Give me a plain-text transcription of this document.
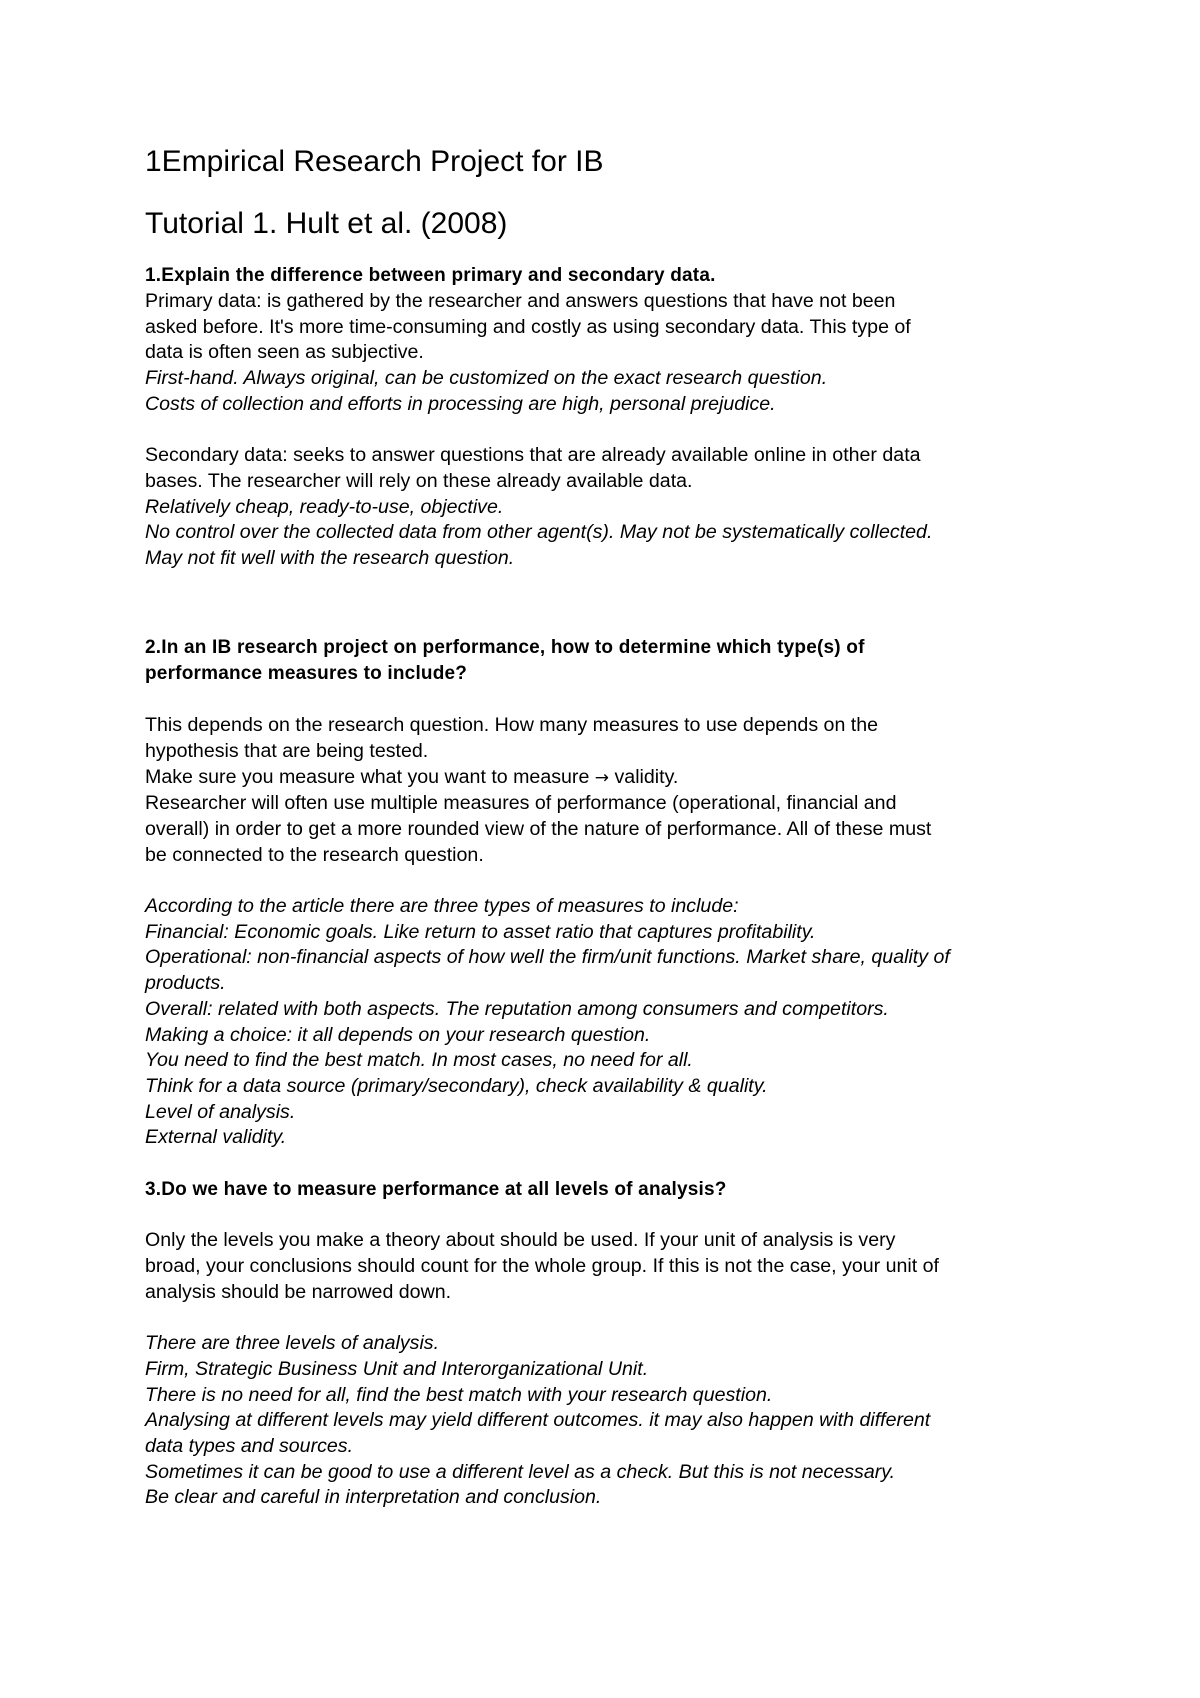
1Empirical Research Project for IB
Tutorial 1. Hult et al. (2008)
1.Explain the difference between primary and secondary data.
Primary data: is gathered by the researcher and answers questions that have not been
asked before. It's more time-consuming and costly as using secondary data. This type of
data is often seen as subjective.
First-hand. Always original, can be customized on the exact research question.
Costs of collection and efforts in processing are high, personal prejudice.
Secondary data: seeks to answer questions that are already available online in other data
bases. The researcher will rely on these already available data.
Relatively cheap, ready-to-use, objective.
No control over the collected data from other agent(s). May not be systematically collected.
May not fit well with the research question.
2.In an IB research project on performance, how to determine which type(s) of
performance measures to include?
This depends on the research question. How many measures to use depends on the
hypothesis that are being tested.
Make sure you measure what you want to measure → validity.
Researcher will often use multiple measures of performance (operational, financial and
overall) in order to get a more rounded view of the nature of performance. All of these must
be connected to the research question.
According to the article there are three types of measures to include:
Financial: Economic goals. Like return to asset ratio that captures profitability.
Operational: non-financial aspects of how well the firm/unit functions. Market share, quality of
products.
Overall: related with both aspects. The reputation among consumers and competitors.
Making a choice: it all depends on your research question.
You need to find the best match. In most cases, no need for all.
Think for a data source (primary/secondary), check availability & quality.
Level of analysis.
External validity.
3.Do we have to measure performance at all levels of analysis?
Only the levels you make a theory about should be used. If your unit of analysis is very
broad, your conclusions should count for the whole group. If this is not the case, your unit of
analysis should be narrowed down.
There are three levels of analysis.
Firm, Strategic Business Unit and Interorganizational Unit.
There is no need for all, find the best match with your research question.
Analysing at different levels may yield different outcomes. it may also happen with different
data types and sources.
Sometimes it can be good to use a different level as a check. But this is not necessary.
Be clear and careful in interpretation and conclusion.
